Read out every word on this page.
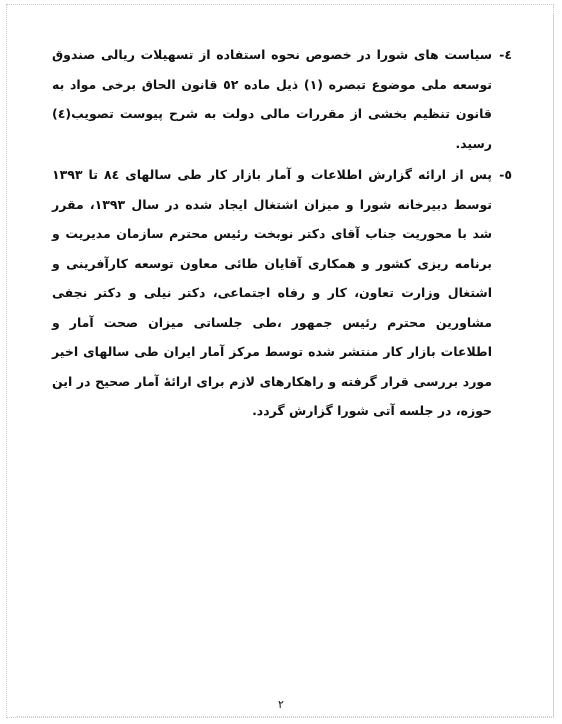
٤-
سیاست های شورا در خصوص نحوه استفاده از تسهیلات ریالی صندوق توسعه ملی موضوع تبصره (۱) ذیل ماده ٥٢ قانون الحاق برخی مواد به قانون تنظیم بخشی از مقررات مالی دولت به شرح پیوست تصویب(٤) رسید.
٥-
پس از ارائه گزارش اطلاعات و آمار بازار کار طی سالهای ٨٤ تا ١٣٩٣ توسط دبیرخانه شورا و میزان اشتغال ایجاد شده در سال ١٣٩٣، مقرر شد با محوریت جناب آقای دکتر نوبخت رئیس محترم سازمان مدیریت و برنامه ریزی کشور و همکاری آقایان طائی معاون توسعه کارآفرینی و اشتغال وزارت تعاون، کار و رفاه اجتماعی، دکتر نیلی و دکتر نجفی مشاورین محترم رئیس جمهور ،طی جلساتی میزان صحت آمار و اطلاعات بازار کار منتشر شده توسط مرکز آمار ایران طی سالهای اخیر مورد بررسی قرار گرفته و راهکارهای لازم برای ارائهٔ آمار صحیح در این حوزه، در جلسه آتی شورا گزارش گردد.
۲
